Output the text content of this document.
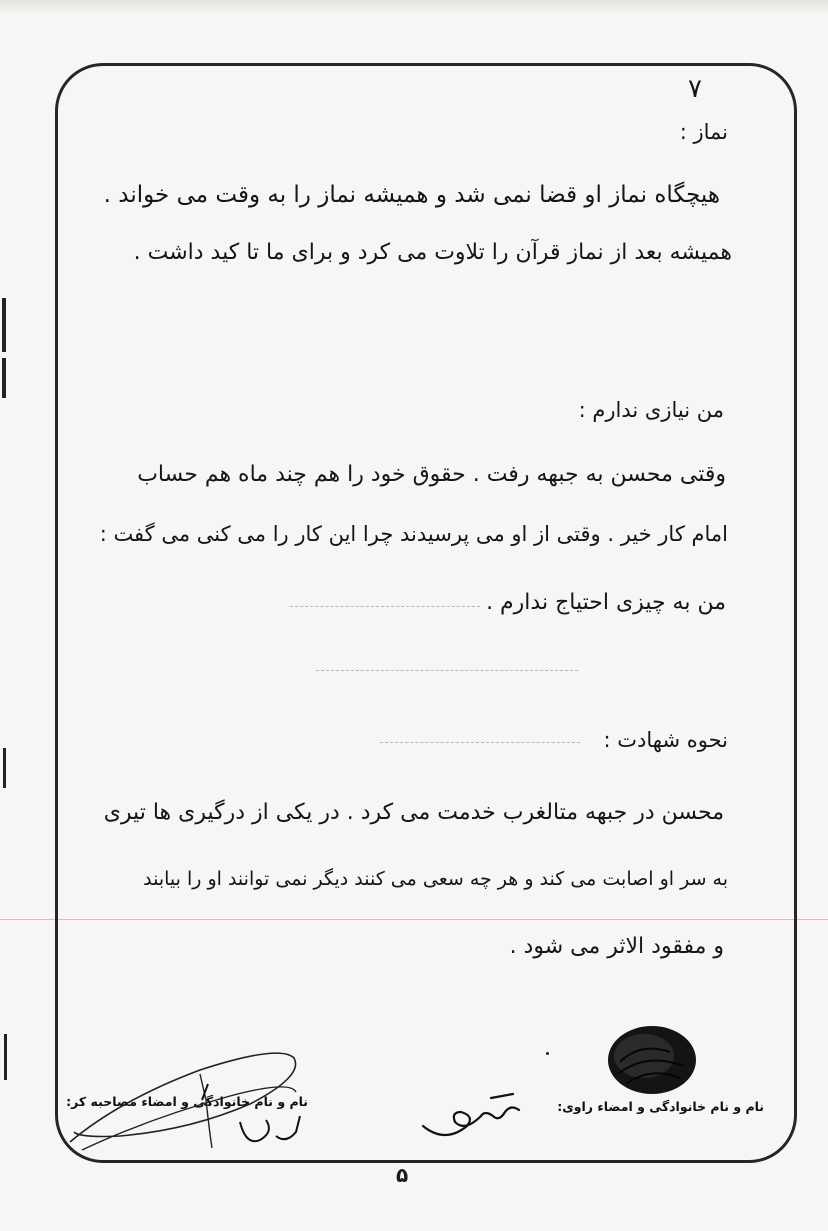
٧
نماز :
هیچگاه نماز او قضا نمی شد و همیشه نماز را به وقت می خواند .
همیشه بعد از نماز قرآن را تلاوت می کرد و برای ما تا کید داشت .
من نیازی ندارم :
وقتی محسن به جبهه رفت . حقوق خود را هم چند ماه هم حساب
امام کار خیر . وقتی از او می پرسیدند چرا این کار را می کنی می گفت :
من به چیزی احتیاج ندارم .
نحوه شهادت :
محسن در جبهه متالغرب خدمت می کرد . در یکی از درگیری ها تیری
به سر او اصابت می کند و هر چه سعی می کنند دیگر نمی توانند او را بیابند
و مفقود الاثر می شود .
نام و نام خانوادگی و امضاء راوی:
نام و نام خانوادگی و امضاء مصاحبه کر:
۵
